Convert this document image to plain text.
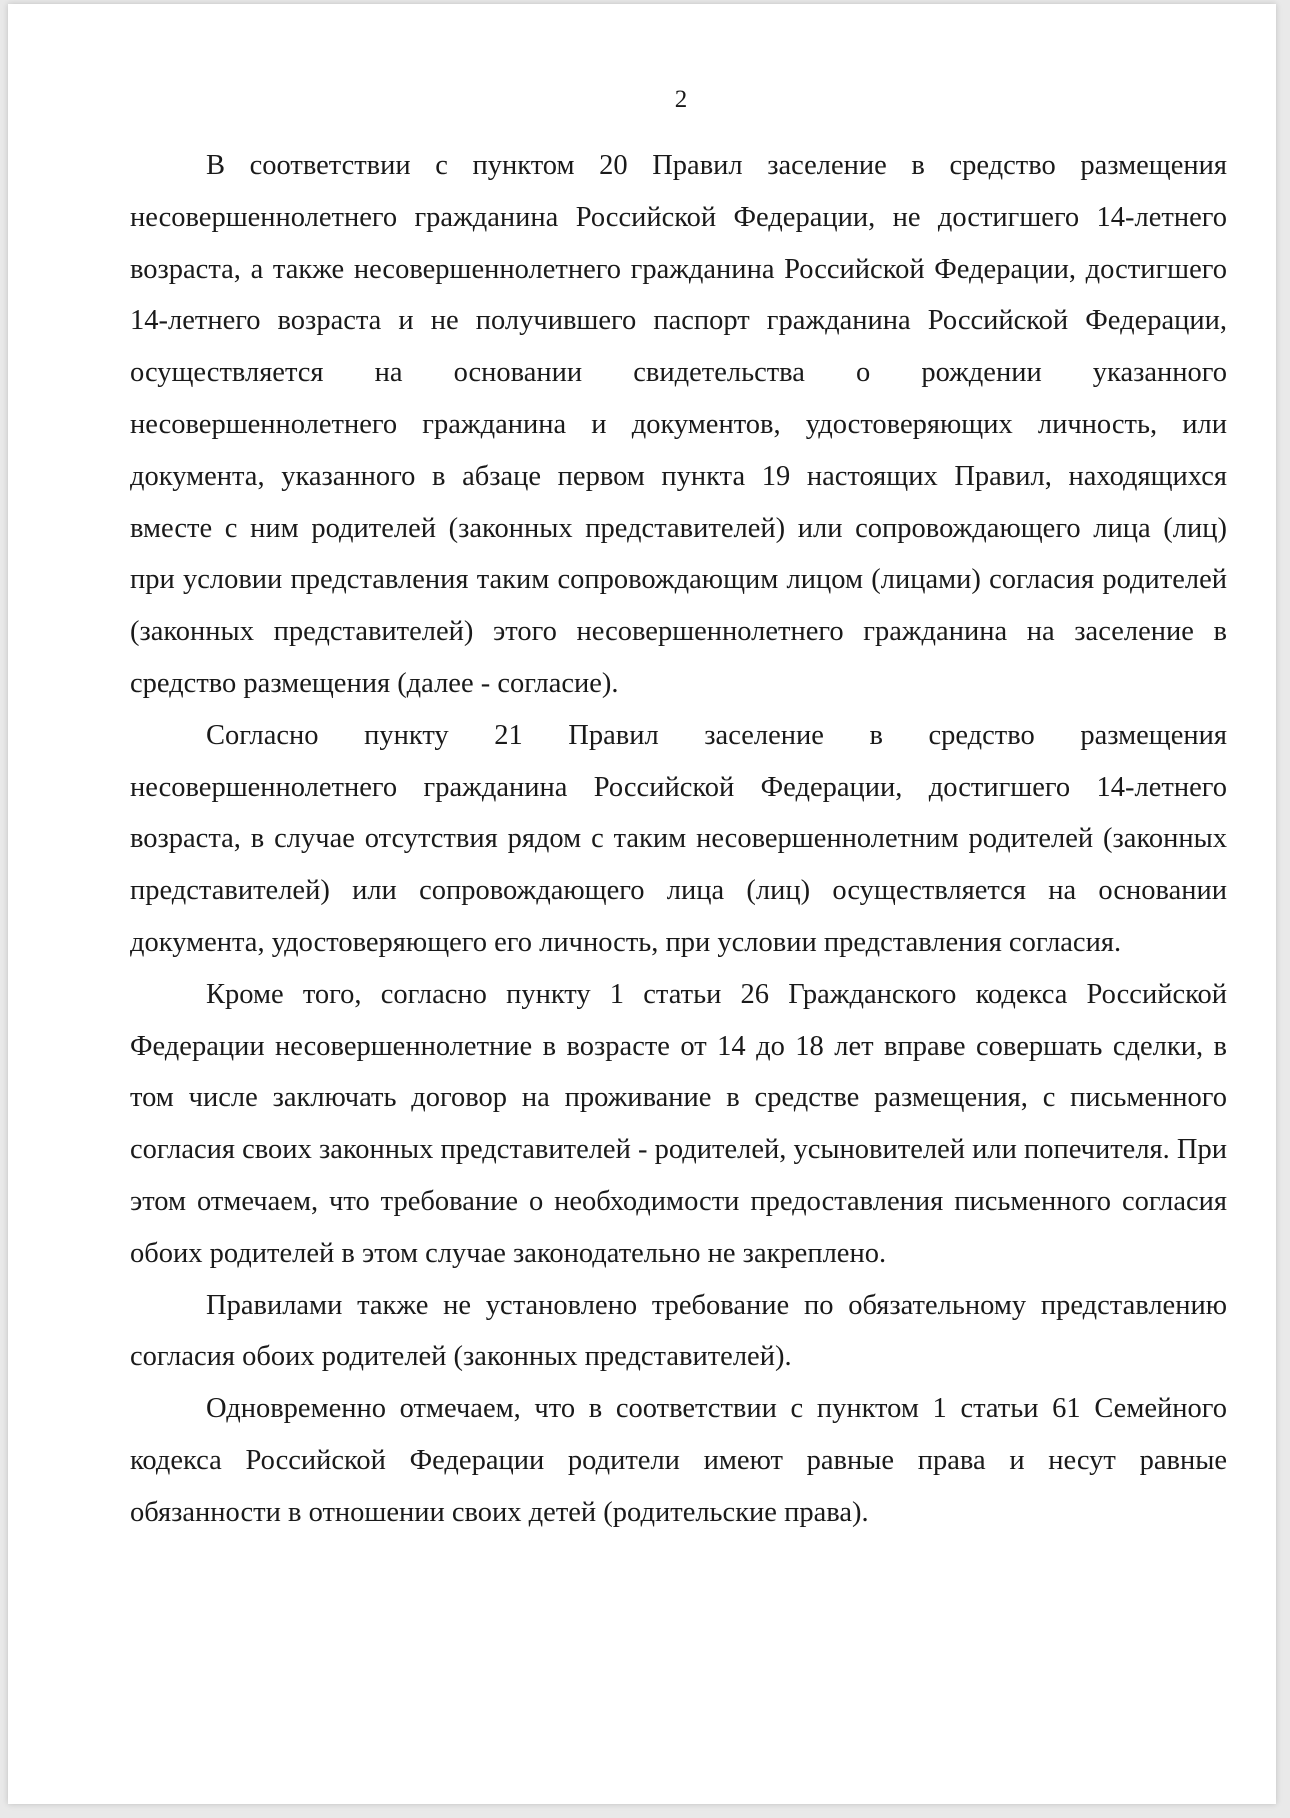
2

В соответствии с пунктом 20 Правил заселение в средство размещения несовершеннолетнего гражданина Российской Федерации, не достигшего 14-летнего возраста, а также несовершеннолетнего гражданина Российской Федерации, достигшего 14-летнего возраста и не получившего паспорт гражданина Российской Федерации, осуществляется на основании свидетельства о рождении указанного несовершеннолетнего гражданина и документов, удостоверяющих личность, или документа, указанного в абзаце первом пункта 19 настоящих Правил, находящихся вместе с ним родителей (законных представителей) или сопровождающего лица (лиц) при условии представления таким сопровождающим лицом (лицами) согласия родителей (законных представителей) этого несовершеннолетнего гражданина на заселение в средство размещения (далее - согласие).

Согласно пункту 21 Правил заселение в средство размещения несовершеннолетнего гражданина Российской Федерации, достигшего 14-летнего возраста, в случае отсутствия рядом с таким несовершеннолетним родителей (законных представителей) или сопровождающего лица (лиц) осуществляется на основании документа, удостоверяющего его личность, при условии представления согласия.

Кроме того, согласно пункту 1 статьи 26 Гражданского кодекса Российской Федерации несовершеннолетние в возрасте от 14 до 18 лет вправе совершать сделки, в том числе заключать договор на проживание в средстве размещения, с письменного согласия своих законных представителей - родителей, усыновителей или попечителя. При этом отмечаем, что требование о необходимости предоставления письменного согласия обоих родителей в этом случае законодательно не закреплено.

Правилами также не установлено требование по обязательному представлению согласия обоих родителей (законных представителей).

Одновременно отмечаем, что в соответствии с пунктом 1 статьи 61 Семейного кодекса Российской Федерации родители имеют равные права и несут равные обязанности в отношении своих детей (родительские права).
